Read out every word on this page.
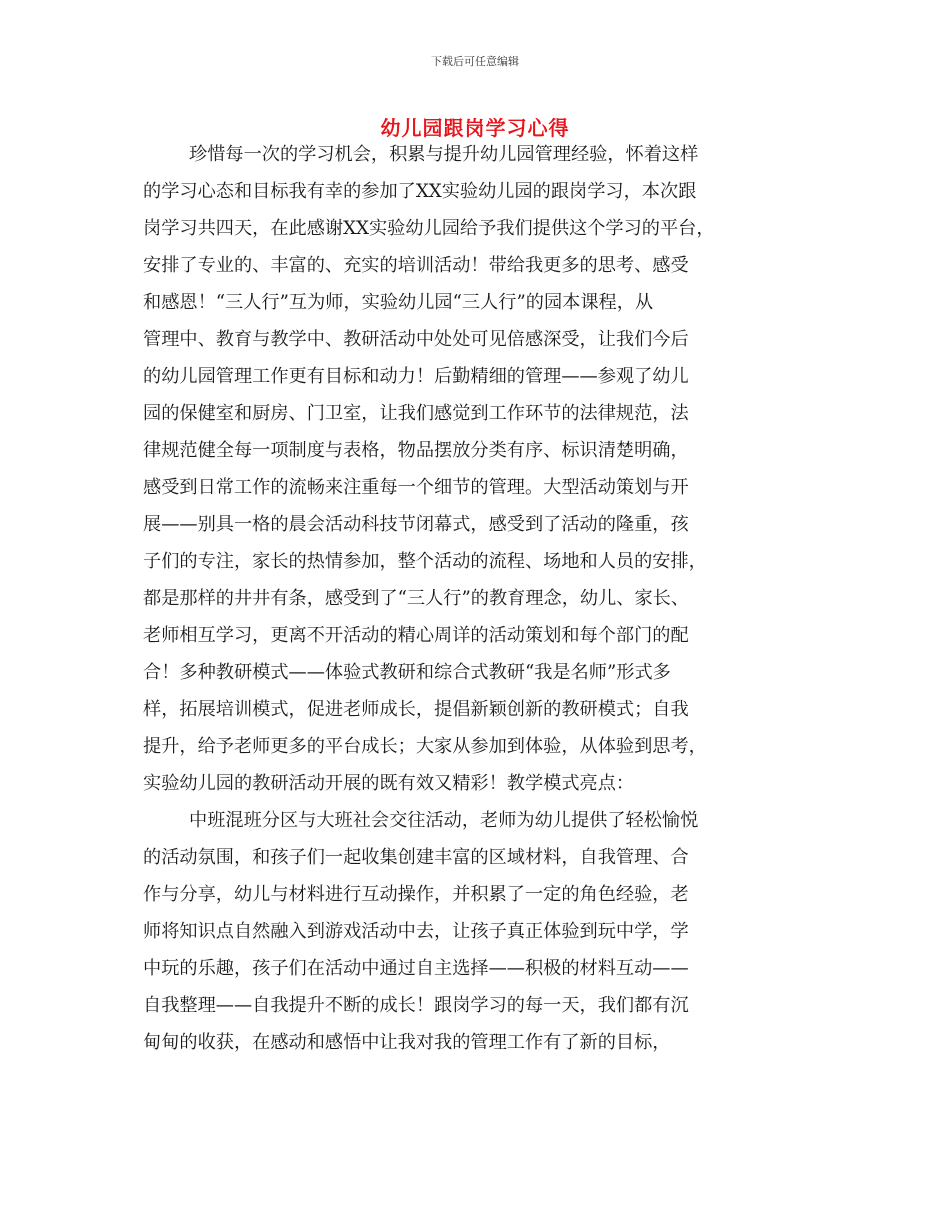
下载后可任意编辑
幼儿园跟岗学习心得
珍惜每一次的学习机会，积累与提升幼儿园管理经验，怀着这样
的学习心态和目标我有幸的参加了XX实验幼儿园的跟岗学习，本次跟
岗学习共四天，在此感谢XX实验幼儿园给予我们提供这个学习的平台，
安排了专业的、丰富的、充实的培训活动！带给我更多的思考、感受
和感恩！“三人行”互为师，实验幼儿园“三人行”的园本课程，从
管理中、教育与教学中、教研活动中处处可见倍感深受，让我们今后
的幼儿园管理工作更有目标和动力！后勤精细的管理——参观了幼儿
园的保健室和厨房、门卫室，让我们感觉到工作环节的法律规范，法
律规范健全每一项制度与表格，物品摆放分类有序、标识清楚明确，
感受到日常工作的流畅来注重每一个细节的管理。大型活动策划与开
展——别具一格的晨会活动科技节闭幕式，感受到了活动的隆重，孩
子们的专注，家长的热情参加，整个活动的流程、场地和人员的安排，
都是那样的井井有条，感受到了“三人行”的教育理念，幼儿、家长、
老师相互学习，更离不开活动的精心周详的活动策划和每个部门的配
合！多种教研模式——体验式教研和综合式教研“我是名师”形式多
样，拓展培训模式，促进老师成长，提倡新颖创新的教研模式；自我
提升，给予老师更多的平台成长；大家从参加到体验，从体验到思考，
实验幼儿园的教研活动开展的既有效又精彩！教学模式亮点：
中班混班分区与大班社会交往活动，老师为幼儿提供了轻松愉悦
的活动氛围，和孩子们一起收集创建丰富的区域材料，自我管理、合
作与分享，幼儿与材料进行互动操作，并积累了一定的角色经验，老
师将知识点自然融入到游戏活动中去，让孩子真正体验到玩中学，学
中玩的乐趣，孩子们在活动中通过自主选择——积极的材料互动——
自我整理——自我提升不断的成长！跟岗学习的每一天，我们都有沉
甸甸的收获，在感动和感悟中让我对我的管理工作有了新的目标，
